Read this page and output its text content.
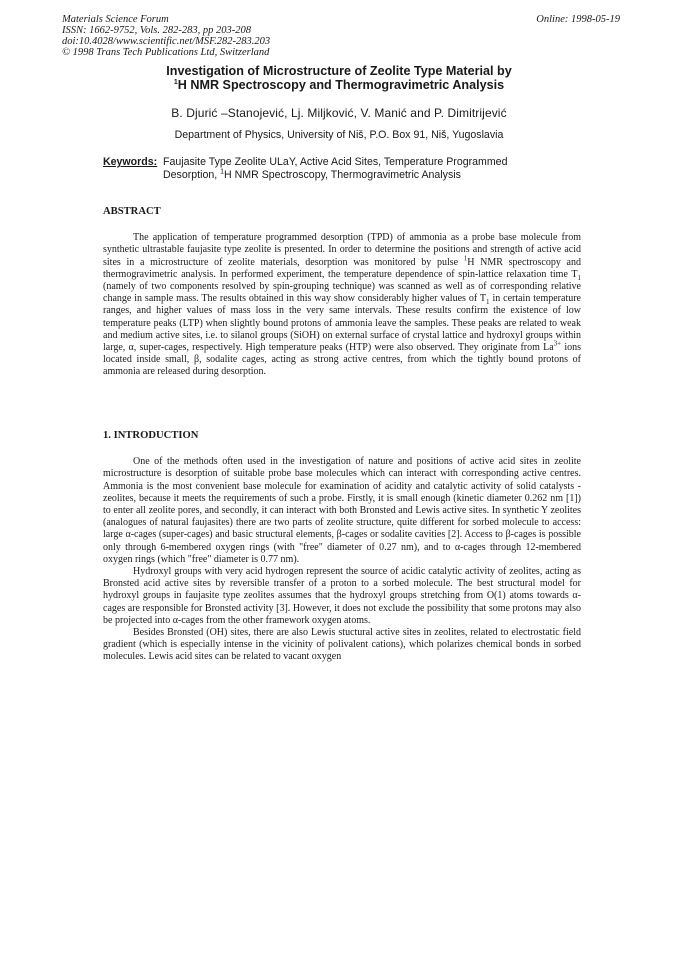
Materials Science Forum
ISSN: 1662-9752, Vols. 282-283, pp 203-208
doi:10.4028/www.scientific.net/MSF.282-283.203
© 1998 Trans Tech Publications Ltd, Switzerland
Online: 1998-05-19
Investigation of Microstructure of Zeolite Type Material by
$^1$H NMR Spectroscopy and Thermogravimetric Analysis
B. Djurić –Stanojević, Lj. Miljković, V. Manić and P. Dimitrijević
Department of Physics, University of Niš, P.O. Box 91, Niš, Yugoslavia
Keywords: Faujasite Type Zeolite ULaY, Active Acid Sites, Temperature Programmed
Desorption, $^1$H NMR Spectroscopy, Thermogravimetric Analysis
ABSTRACT

The application of temperature programmed desorption (TPD) of ammonia as a probe base molecule from synthetic ultrastable faujasite type zeolite is presented. In order to determine the positions and strength of active acid sites in a microstructure of zeolite materials, desorption was monitored by pulse $^1$H NMR spectroscopy and thermogravimetric analysis. In performed experiment, the temperature dependence of spin-lattice relaxation time $T_1$ (namely of two components resolved by spin-grouping technique) was scanned as well as of corresponding relative change in sample mass. The results obtained in this way show considerably higher values of $T_1$ in certain temperature ranges, and higher values of mass loss in the very same intervals. These results confirm the existence of low temperature peaks (LTP) when slightly bound protons of ammonia leave the samples. These peaks are related to weak and medium active sites, i.e. to silanol groups (SiOH) on external surface of crystal lattice and hydroxyl groups within large, α, super-cages, respectively. High temperature peaks (HTP) were also observed. They originate from $La^{3+}$ ions located inside small, β, sodalite cages, acting as strong active centres, from which the tightly bound protons of ammonia are released during desorption.

1. INTRODUCTION

One of the methods often used in the investigation of nature and positions of active acid sites in zeolite microstructure is desorption of suitable probe base molecules which can interact with corresponding active centres. Ammonia is the most convenient base molecule for examination of acidity and catalytic activity of solid catalysts - zeolites, because it meets the requirements of such a probe. Firstly, it is small enough (kinetic diameter 0.262 nm [1]) to enter all zeolite pores, and secondly, it can interact with both Bronsted and Lewis active sites. In synthetic Y zeolites (analogues of natural faujasites) there are two parts of zeolite structure, quite different for sorbed molecule to access: large α-cages (super-cages) and basic structural elements, β-cages or sodalite cavities [2]. Access to β-cages is possible only through 6-membered oxygen rings (with "free" diameter of 0.27 nm), and to α-cages through 12-membered oxygen rings (which "free" diameter is 0.77 nm).

Hydroxyl groups with very acid hydrogen represent the source of acidic catalytic activity of zeolites, acting as Bronsted acid active sites by reversible transfer of a proton to a sorbed molecule. The best structural model for hydroxyl groups in faujasite type zeolites assumes that the hydroxyl groups stretching from O(1) atoms towards α-cages are responsible for Bronsted activity [3]. However, it does not exclude the possibility that some protons may also be projected into α-cages from the other framework oxygen atoms.

Besides Bronsted (OH) sites, there are also Lewis stuctural active sites in zeolites, related to electrostatic field gradient (which is especially intense in the vicinity of polivalent cations), which polarizes chemical bonds in sorbed molecules. Lewis acid sites can be related to vacant oxygen
